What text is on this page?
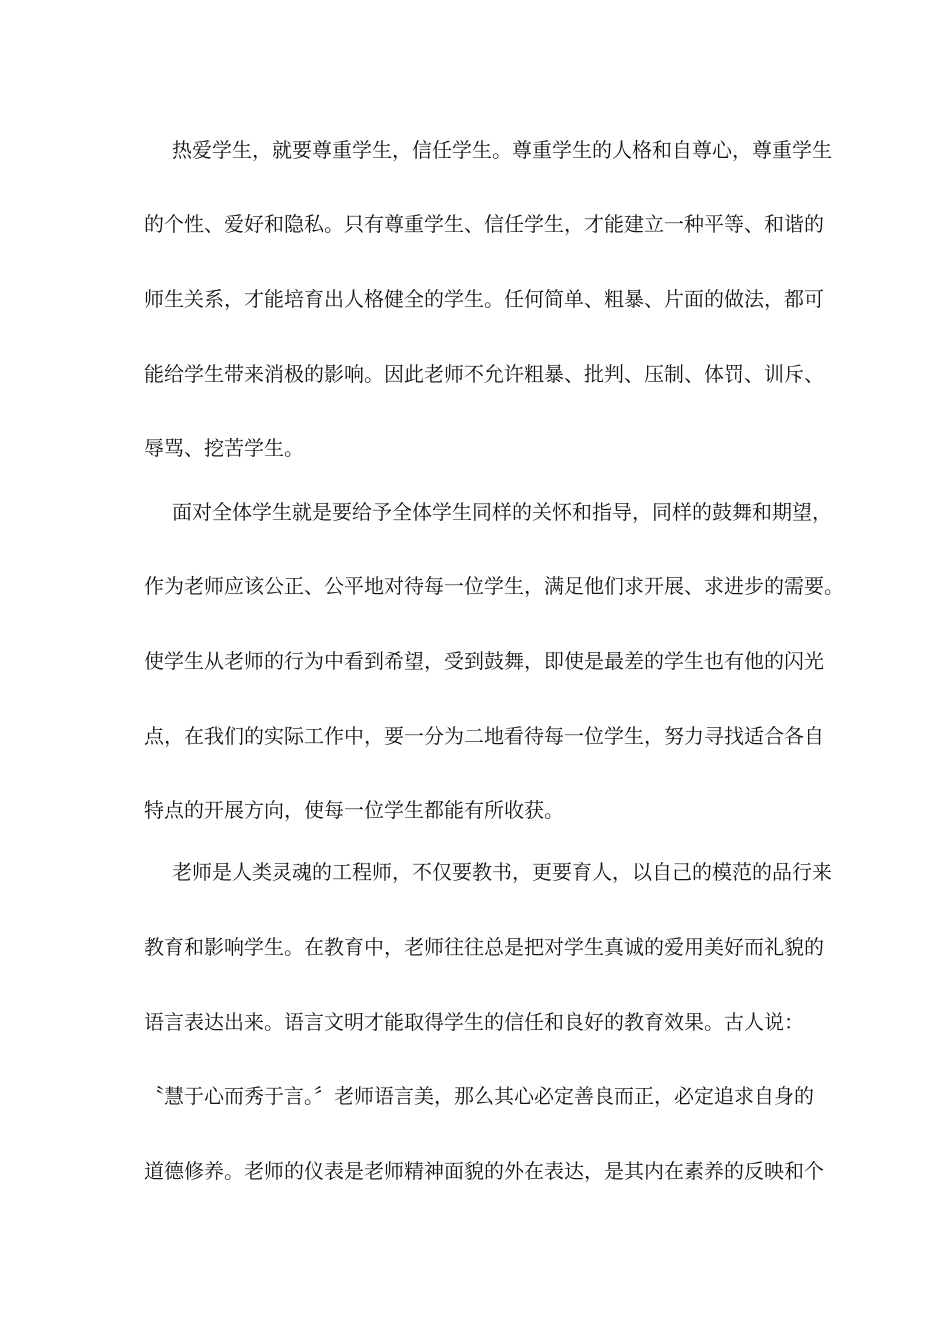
热爱学生，就要尊重学生，信任学生。尊重学生的人格和自尊心，尊重学生

的个性、爱好和隐私。只有尊重学生、信任学生，才能建立一种平等、和谐的

师生关系，才能培育出人格健全的学生。任何简单、粗暴、片面的做法，都可

能给学生带来消极的影响。因此老师不允许粗暴、批判、压制、体罚、训斥、

辱骂、挖苦学生。

面对全体学生就是要给予全体学生同样的关怀和指导，同样的鼓舞和期望，

作为老师应该公正、公平地对待每一位学生，满足他们求开展、求进步的需要。

使学生从老师的行为中看到希望，受到鼓舞，即使是最差的学生也有他的闪光

点，在我们的实际工作中，要一分为二地看待每一位学生，努力寻找适合各自

特点的开展方向，使每一位学生都能有所收获。

老师是人类灵魂的工程师，不仅要教书，更要育人，以自己的模范的品行来

教育和影响学生。在教育中，老师往往总是把对学生真诚的爱用美好而礼貌的

语言表达出来。语言文明才能取得学生的信任和良好的教育效果。古人说：

〝慧于心而秀于言。〞老师语言美，那么其心必定善良而正，必定追求自身的

道德修养。老师的仪表是老师精神面貌的外在表达，是其内在素养的反映和个
